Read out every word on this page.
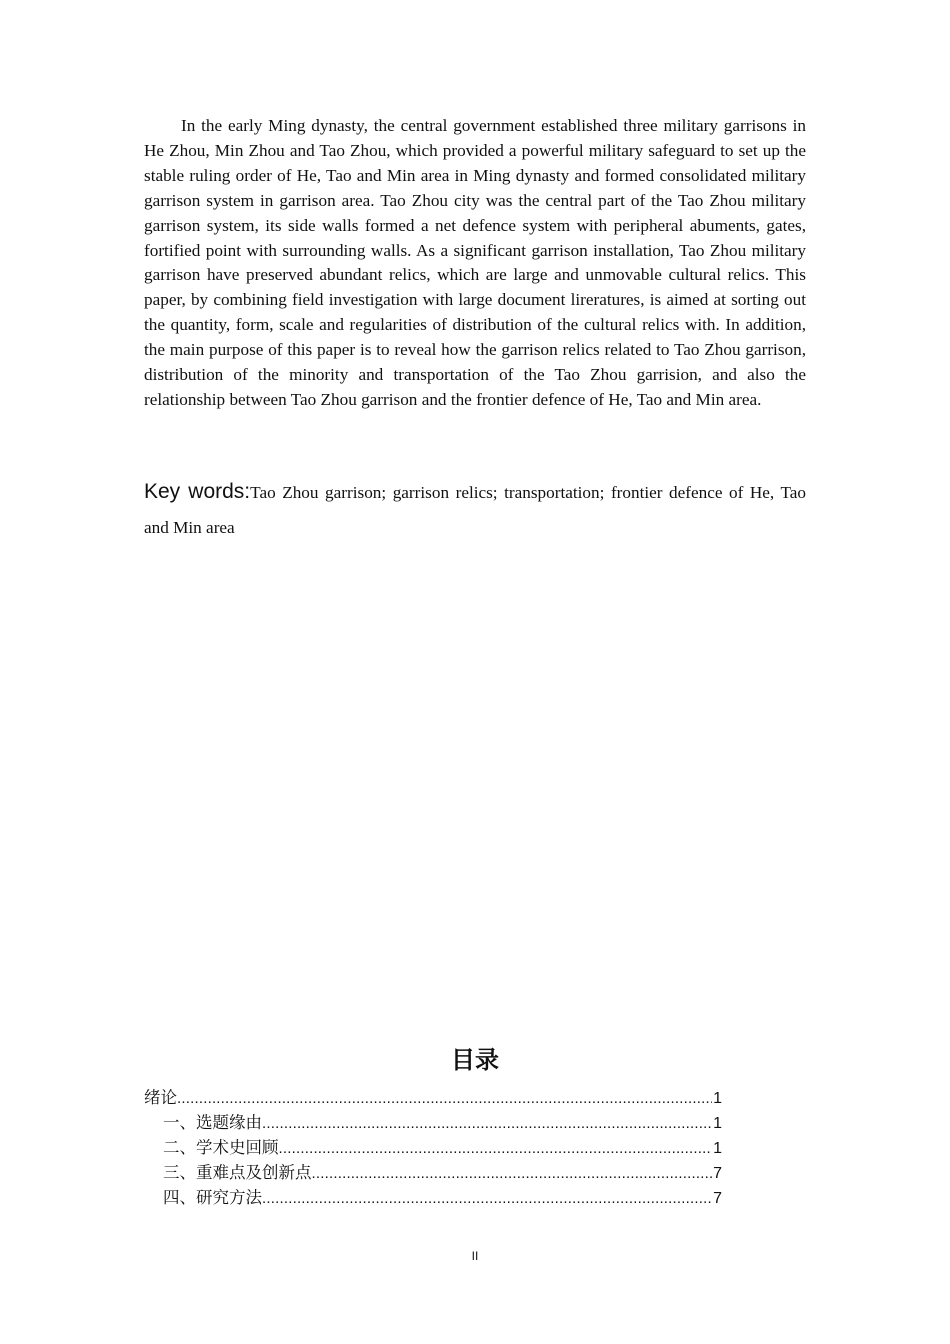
In the early Ming dynasty, the central government established three military garrisons in He Zhou, Min Zhou and Tao Zhou, which provided a powerful military safeguard to set up the stable ruling order of He, Tao and Min area in Ming dynasty and formed consolidated military garrison system in garrison area. Tao Zhou city was the central part of the Tao Zhou military garrison system, its side walls formed a net defence system with peripheral abuments, gates, fortified point with surrounding walls. As a significant garrison installation, Tao Zhou military garrison have preserved abundant relics, which are large and unmovable cultural relics. This paper, by combining field investigation with large document lireratures, is aimed at sorting out the quantity, form, scale and regularities of distribution of the cultural relics with. In addition, the main purpose of this paper is to reveal how the garrison relics related to Tao Zhou garrison, distribution of the minority and transportation of the Tao Zhou garrision, and also the relationship between Tao Zhou garrison and the frontier defence of He, Tao and Min area.

Key words:Tao Zhou garrison; garrison relics; transportation; frontier defence of He, Tao and Min area

目录
绪论 .....	1
一、选题缘由 .....	1
二、学术史回顾 .....	1
三、重难点及创新点 .....	7
四、研究方法 .....	7
II
